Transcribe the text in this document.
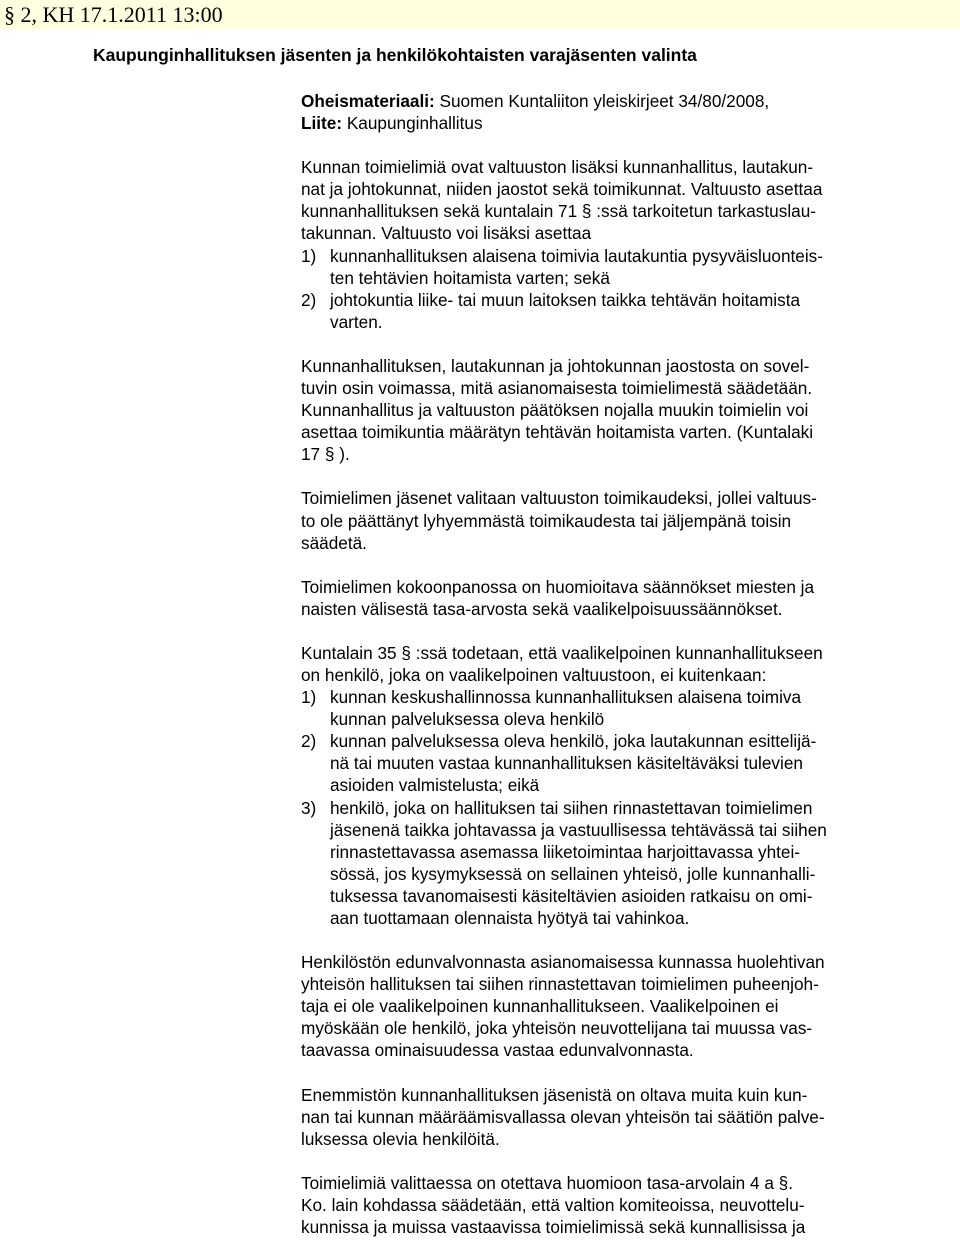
§ 2, KH 17.1.2011 13:00
Kaupunginhallituksen jäsenten ja henkilökohtaisten varajäsenten valinta
Oheismateriaali: Suomen Kuntaliiton yleiskirjeet 34/80/2008,
Liite: Kaupunginhallitus
Kunnan toimielimiä ovat valtuuston lisäksi kunnanhallitus, lautakun-
nat ja johtokunnat, niiden jaostot sekä toimikunnat. Valtuusto asettaa
kunnanhallituksen sekä kuntalain 71 § :ssä tarkoitetun tarkastuslau-
takunnan. Valtuusto voi lisäksi asettaa
1) kunnanhallituksen alaisena toimivia lautakuntia pysyväisluonteis-
ten tehtävien hoitamista varten; sekä
2) johtokuntia liike- tai muun laitoksen taikka tehtävän hoitamista
varten.
Kunnanhallituksen, lautakunnan ja johtokunnan jaostosta on sovel-
tuvin osin voimassa, mitä asianomaisesta toimielimestä säädetään.
Kunnanhallitus ja valtuuston päätöksen nojalla muukin toimielin voi
asettaa toimikuntia määrätyn tehtävän hoitamista varten. (Kuntalaki
17 § ).
Toimielimen jäsenet valitaan valtuuston toimikaudeksi, jollei valtuus-
to ole päättänyt lyhyemmästä toimikaudesta tai jäljempänä toisin
säädetä.
Toimielimen kokoonpanossa on huomioitava säännökset miesten ja
naisten välisestä tasa-arvosta sekä vaalikelpoisuussäännökset.
Kuntalain 35 § :ssä todetaan, että vaalikelpoinen kunnanhallitukseen
on henkilö, joka on vaalikelpoinen valtuustoon, ei kuitenkaan:
1) kunnan keskushallinnossa kunnanhallituksen alaisena toimiva
kunnan palveluksessa oleva henkilö
2) kunnan palveluksessa oleva henkilö, joka lautakunnan esittelijä-
nä tai muuten vastaa kunnanhallituksen käsiteltäväksi tulevien
asioiden valmistelusta; eikä
3) henkilö, joka on hallituksen tai siihen rinnastettavan toimielimen
jäsenenä taikka johtavassa ja vastuullisessa tehtävässä tai siihen
rinnastettavassa asemassa liiketoimintaa harjoittavassa yhtei-
sössä, jos kysymyksessä on sellainen yhteisö, jolle kunnanhalli-
tuksessa tavanomaisesti käsiteltävien asioiden ratkaisu on omi-
aan tuottamaan olennaista hyötyä tai vahinkoa.
Henkilöstön edunvalvonnasta asianomaisessa kunnassa huolehtivan
yhteisön hallituksen tai siihen rinnastettavan toimielimen puheenjoh-
taja ei ole vaalikelpoinen kunnanhallitukseen. Vaalikelpoinen ei
myöskään ole henkilö, joka yhteisön neuvottelijana tai muussa vas-
taavassa ominaisuudessa vastaa edunvalvonnasta.
Enemmistön kunnanhallituksen jäsenistä on oltava muita kuin kun-
nan tai kunnan määräämisvallassa olevan yhteisön tai säätiön palve-
luksessa olevia henkilöitä.
Toimielimiä valittaessa on otettava huomioon tasa-arvolain 4 a §.
Ko. lain kohdassa säädetään, että valtion komiteoissa, neuvottelu-
kunnissa ja muissa vastaavissa toimielimissä sekä kunnallisissa ja
